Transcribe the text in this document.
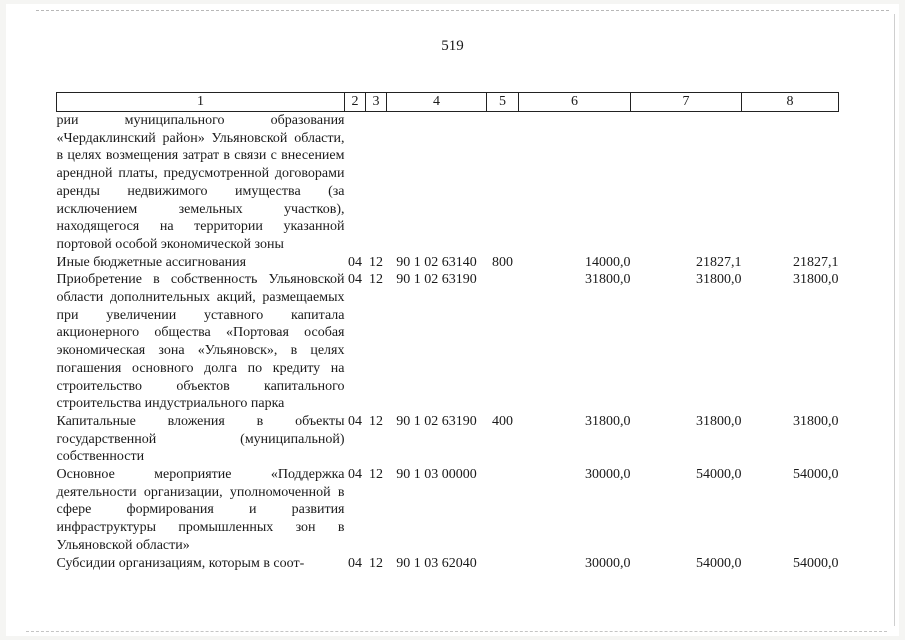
519
1	2	3	4	5	6	7	8
рии муниципального образования «Чердаклинский район» Ульяновской области, в целях возмещения затрат в связи с внесением арендной платы, предусмотренной договорами аренды недвижимого имущества (за исключением земельных участков), находящегося на территории указанной портовой особой экономической зоны							
Иные бюджетные ассигнования	04	12	90 1 02 63140	800	14000,0	21827,1	21827,1
Приобретение в собственность Ульяновской области дополнительных акций, размещаемых при увеличении уставного капитала акционерного общества «Портовая особая экономическая зона «Ульяновск», в целях погашения основного долга по кредиту на строительство объектов капитального строительства индустриального парка	04	12	90 1 02 63190		31800,0	31800,0	31800,0
Капитальные вложения в объекты государственной (муниципальной) собственности	04	12	90 1 02 63190	400	31800,0	31800,0	31800,0
Основное мероприятие «Поддержка деятельности организации, уполномоченной в сфере формирования и развития инфраструктуры промышленных зон в Ульяновской области»	04	12	90 1 03 00000		30000,0	54000,0	54000,0
Субсидии организациям, которым в соот-	04	12	90 1 03 62040		30000,0	54000,0	54000,0
